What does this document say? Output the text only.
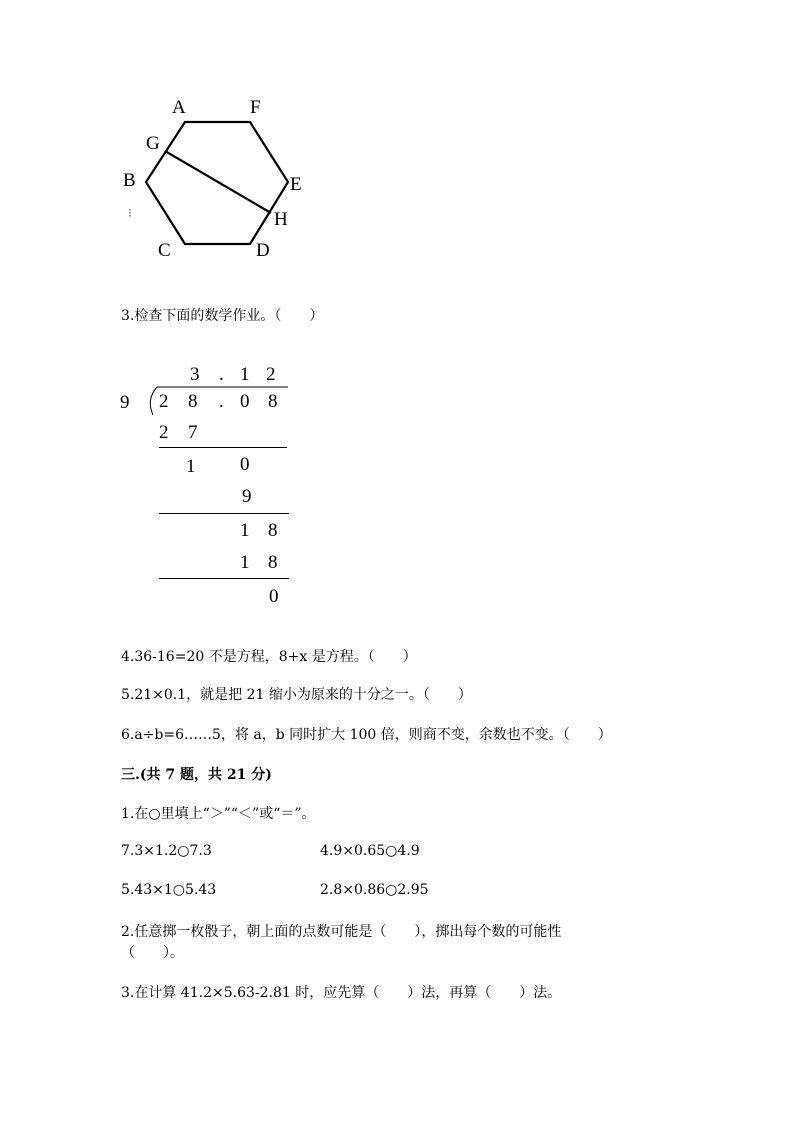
A	F
G
B	E
H
C	D
⁝
3.检查下面的数学作业。（　　）
3 . 1 2
9 2 8 . 0 8
2 7
1 0
9
1 8
1 8
0
4.36-16=20 不是方程，8+x 是方程。（　　）
5.21×0.1，就是把 21 缩小为原来的十分之一。（　　）
6.a÷b=6……5，将 a，b 同时扩大 100 倍，则商不变，余数也不变。（　　）
三.(共 7 题，共 21 分)
1.在○里填上“＞”“＜”或“＝”。
7.3×1.2○7.3	4.9×0.65○4.9
5.43×1○5.43	2.8×0.86○2.95
2.任意掷一枚骰子，朝上面的点数可能是（　　），掷出每个数的可能性
（　　）。
3.在计算 41.2×5.63-2.81 时，应先算（　　）法，再算（　　）法。
